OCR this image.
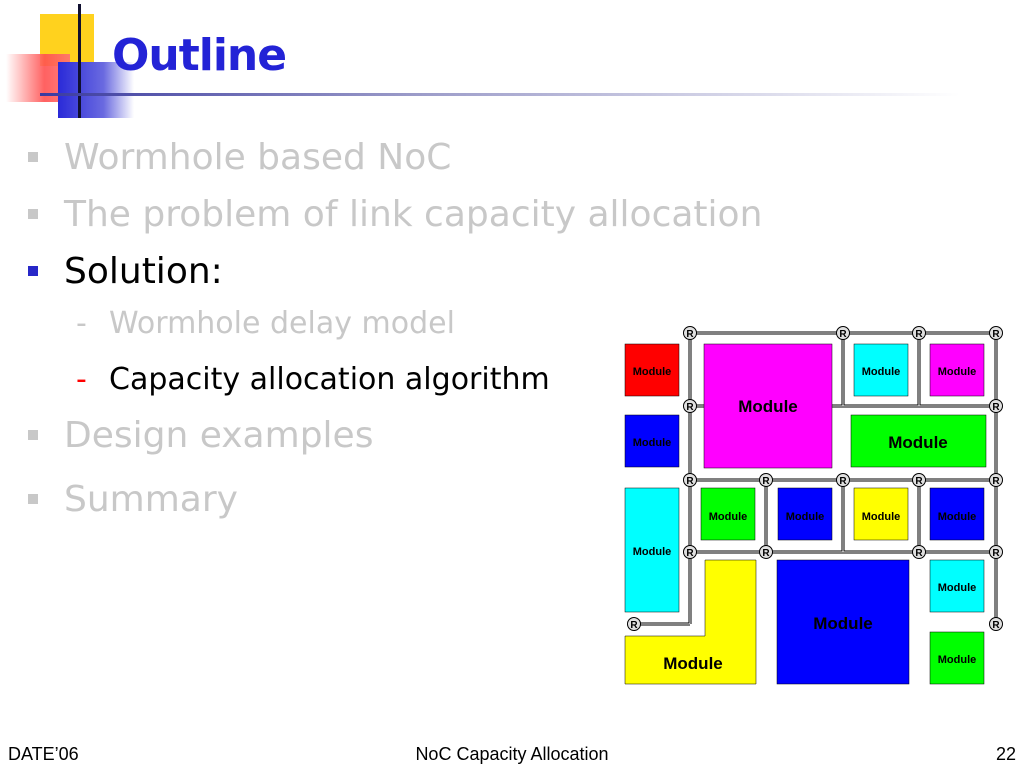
Outline
Wormhole based NoC
The problem of link capacity allocation
Solution:
- Wormhole delay model
- Capacity allocation algorithm
Design examples
Summary
Module
Module
Module	Module
Module	Module
Module
Module	Module	Module	Module
Module
Module
Module
Module
R	R	R	R
R	R
R	R	R	R	R
R	R	R	R
R	R
DATE’06	NoC Capacity Allocation	22
